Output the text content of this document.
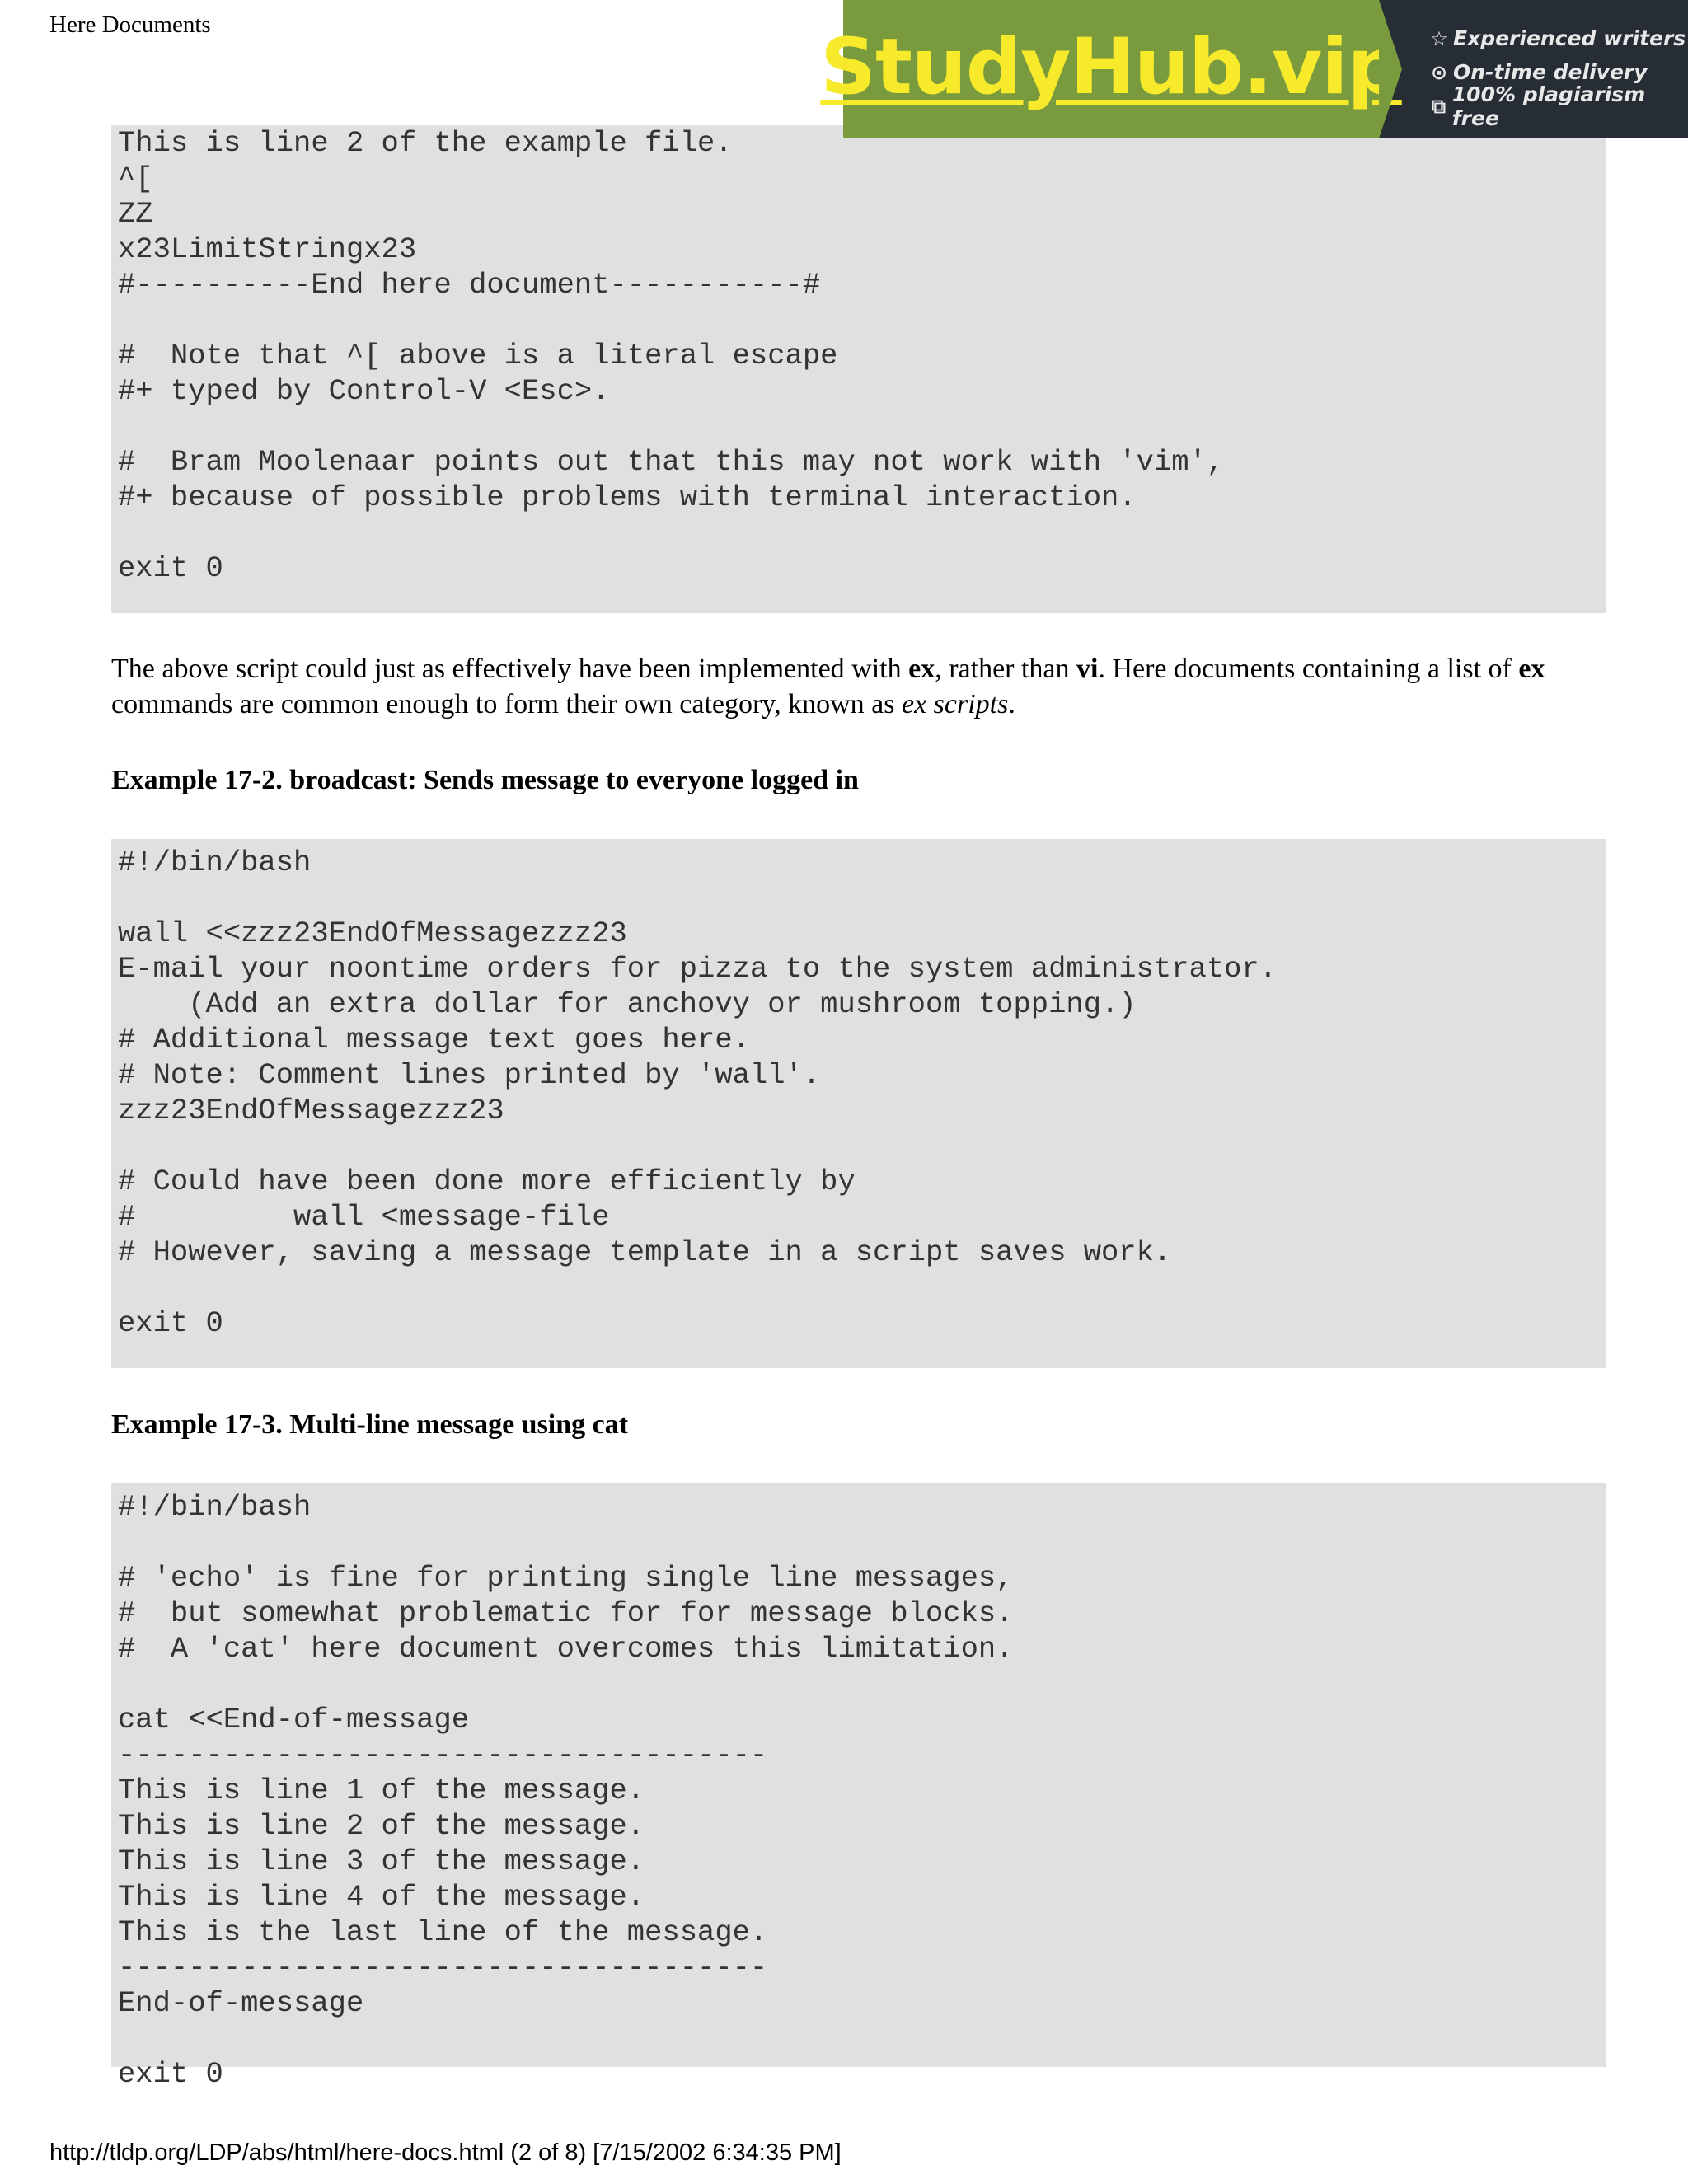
Here Documents
This is line 2 of the example file.
^[
ZZ
x23LimitStringx23
#----------End here document-----------#

#  Note that ^[ above is a literal escape
#+ typed by Control-V <Esc>.

#  Bram Moolenaar points out that this may not work with 'vim',
#+ because of possible problems with terminal interaction.

exit 0
StudyHub.vip ☆ Experienced writers
⊙ On-time delivery
⧉ 100% plagiarism free
The above script could just as effectively have been implemented with ex, rather than vi. Here documents containing a list of ex commands are common enough to form their own category, known as ex scripts.
Example 17-2. broadcast: Sends message to everyone logged in
#!/bin/bash

wall <<zzz23EndOfMessagezzz23
E-mail your noontime orders for pizza to the system administrator.
(Add an extra dollar for anchovy or mushroom topping.)
# Additional message text goes here.
# Note: Comment lines printed by 'wall'.
zzz23EndOfMessagezzz23

# Could have been done more efficiently by
#         wall <message-file
# However, saving a message template in a script saves work.

exit 0
Example 17-3. Multi-line message using cat
#!/bin/bash

# 'echo' is fine for printing single line messages,
#  but somewhat problematic for for message blocks.
#  A 'cat' here document overcomes this limitation.

cat <<End-of-message
-------------------------------------
This is line 1 of the message.
This is line 2 of the message.
This is line 3 of the message.
This is line 4 of the message.
This is the last line of the message.
-------------------------------------
End-of-message

exit 0
http://tldp.org/LDP/abs/html/here-docs.html (2 of 8) [7/15/2002 6:34:35 PM]
